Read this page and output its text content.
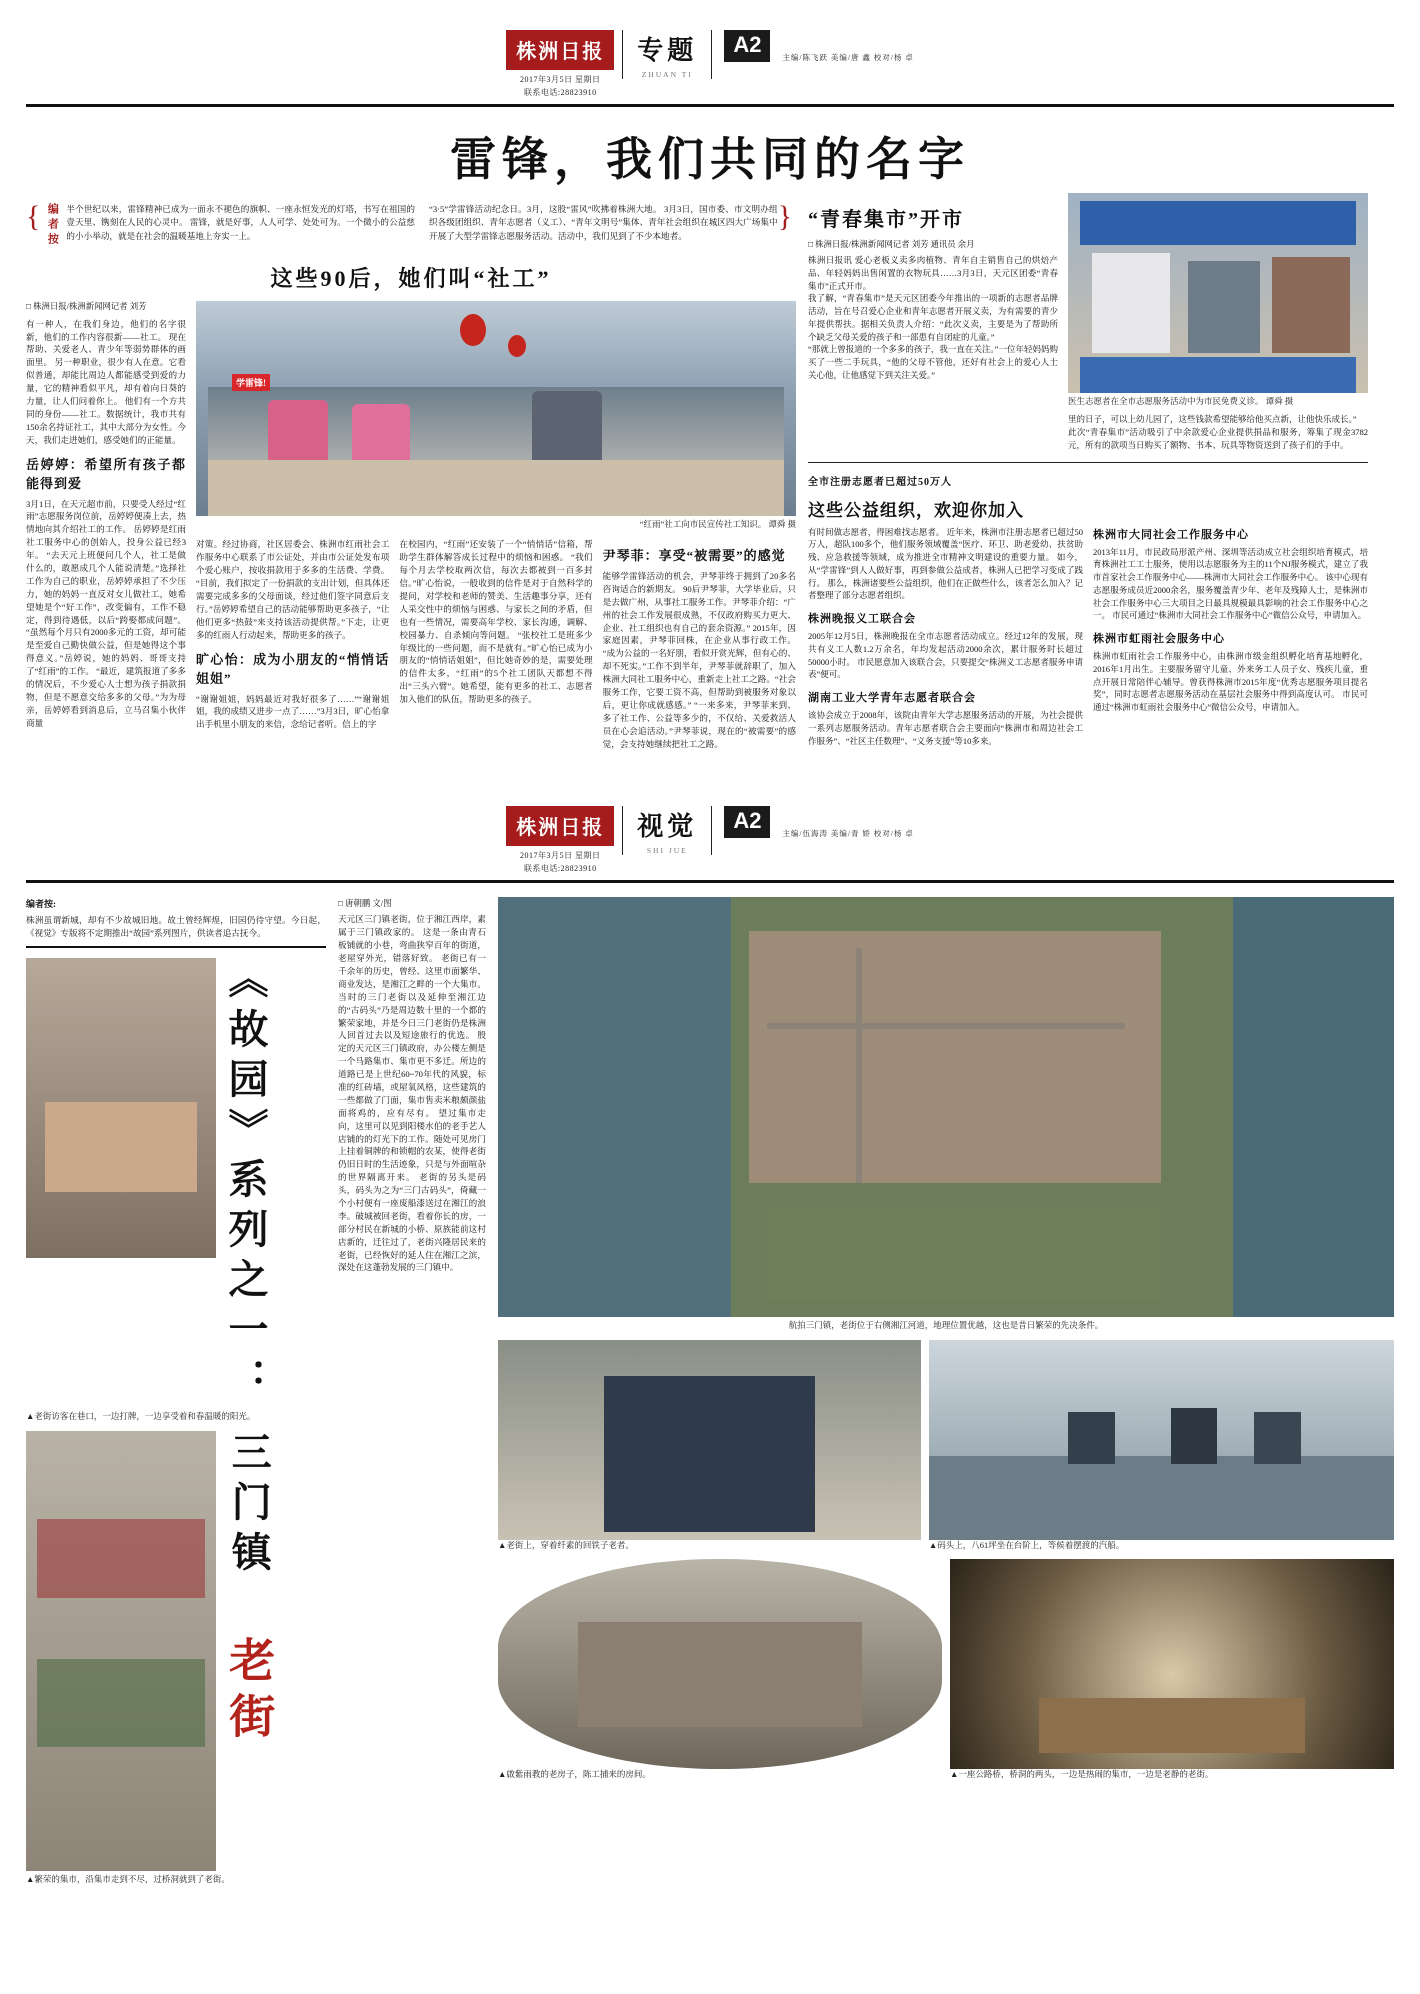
株洲日报
2017年3月5日 星期日
联系电话:28823910
专题
ZHUAN TI
A2
主编/陈飞跃 美编/唐 鑫 校对/杨 卓
雷锋，我们共同的名字
{ 编者按 半个世纪以来，雷锋精神已成为一面永不褪色的旗帜、一座永恒发光的灯塔，书写在祖国的壹天里、镌刻在人民的心灵中。 雷锋，就是好事，人人可学、处处可为。一个微小的公益慈的小小举动，就是在社会的温暖基地上夯实一上。
“3·5”学雷锋活动纪念日。3月，这股“雷风”吹拂着株洲大地。 3月3日，国市委、市文明办组织各级团组织、青年志愿者（义工）、“青年文明号”集体、青年社会组织在城区四大广场集中开展了大型学雷锋志愿服务活动。活动中，我们见到了不少本地者。
}
这些90后，她们叫“社工”
□ 株洲日报/株洲新闻网记者 刘芳
有一种人，在我们身边，他们的名字很新，他们的工作内容很新——社工。 现在帮助、关爱老人、青少年等弱势群体的画面里。 另一种职业，很少有人在意。它看似普通，却能比周边人都能感受到爱的力量，它的精神看似平凡，却有着向日葵的力量，让人们问着你上。 他们有一个方共同的身份——社工。数据统计，我市共有150余名持证社工，其中大部分为女性。今天，我们走进她们，感受她们的正能量。
岳婷婷：希望所有孩子都能得到爱
3月1日，在天元超市前，只要受人经过“红雨”志愿服务岗位前，岳婷婷便凑上去，热情地向其介绍社工的工作。 岳婷婷是红雨社工服务中心的创始人，投身公益已经3年。 “去天元上班便问几个人，社工是做什么的，敢愿成几个人能说清楚。”选择社工作为自己的职业，岳婷婷承担了不少压力，她的妈妈一直反对女儿做社工，她希望她是个“好工作”，改变偏有，工作不稳定，得到待遇低，以后“跨娶都成问题”。 “虽然每个月只有2000多元的工资，却可能是至爱自己勤快做公益，但是她得这个事得意义。”岳婷说，她的妈妈、哥哥支持了“红雨”的工作。 “最近，建筑报道了多多的情况后，不少爱心人士想为孩子捐款捐物，但是不愿意交给多多的父母。”为为母亲，岳婷婷看到消息后，立马召集小伙伴商量
学雷锋!
“红雨”社工向市民宣传社工知识。 谭舜 摄
对策。经过协商，社区居委会、株洲市红雨社会工作服务中心联系了市公证处，并由市公证处发布项个爱心账户，按收捐款用于多多的生活费、学费。 “目前，我们拟定了一份捐款的支出计划，但具体还需要完成多多的父母面谈，经过他们签字同意后支行。”岳婷婷希望自己的活动能够帮助更多孩子，“让他们更多“热鼓”来支持该活动提供帮。”下走，让更多的红雨人行动起来，帮助更多的孩子。
旷心怡：成为小朋友的“悄悄话姐姐”
“谢谢姐姐，妈妈最近对我好很多了……”“谢谢姐姐，我的成绩又进步一点了……”3月3日，旷心怡拿出手机里小朋友的来信，念给记者听。信上的字
在校园内，“红雨”还安装了一个“悄悄话”信箱，帮助学生群体解答成长过程中的烦恼和困惑。 “我们每个月去学校取两次信，每次去都被到一百多封信。”旷心怡说，一般收到的信件是对于自然科学的提问，对学校和老师的赞美、生活趣事分享，还有人采交性中的烦恼与困惑、与家长之间的矛盾，但也有一些情况，需要高年学校、家长沟通，调解、校园暴力、自杀倾向等问题。 “张校社工是班多少年级比的一些问题，而不是就有。”旷心怡已成为小朋友的“悄悄话姐姐”，但比她奇妙的是，需要处理的信件太多，“红雨”的5个社工团队天都想不得出“三头六臂”。她希望，能有更多的社工、志愿者加入他们的队伍，帮助更多的孩子。
尹琴菲：享受“被需要”的感觉
能够学雷锋活动的机会，尹琴菲终于拥到了20多名咨询适合的新期友。 90后尹琴菲，大学毕业后，只是去做广州，从事社工服务工作。尹琴菲介绍：“广州的社会工作发展很成熟，不仅政府购买力更大、企业、社工组织也有自己的套余资源。” 2015年，因家庭因素，尹琴菲回株，在企业从事行政工作。 “成为公益的一名好朋，看似开赏光辉，但有心的、却不死实。”工作不到半年，尹琴菲就辞职了，加入株洲大同社工服务中心，重新走上社工之路。“社会服务工作，它要工资不高，但帮助到被服务对象以后，更让你成就感感。” “一来多来，尹琴菲来到、多了社工作、公益等多少的，不仅给、关爱救活人员在心会追活动。”尹琴菲说，现在的“被需要”的感觉，会支持她继续把社工之路。
“青春集市”开市
□ 株洲日报/株洲新闻网记者 刘芳 通讯员 余月
株洲日报讯 爱心老板义卖多肉植物、青年自主销售自己的烘焙产品、年轻妈妈出售闲置的衣物玩具……3月3日，天元区团委“青春集市”正式开市。
我了解，“青春集市”是天元区团委今年推出的一项新的志愿者品牌活动，旨在号召爱心企业和青年志愿者开展义卖，为有需要的青少年提供帮扶。据相关负责人介绍：“此次义卖，主要是为了帮助所个缺乏父母关爱的孩子和一部患有自闭症的儿童。”
“那就上曾报道的一个多多的孩子，我一直在关注。”一位年轻妈妈购买了一些二手玩具，“他的父母不管他，还好有社会上的爱心人士关心他，让他感觉下到关注关爱。”
医生志愿者在全市志愿服务活动中为市民免费义诊。 谭舜 摄
里的日子，可以上幼儿园了，这些钱款希望能够给他买点新，让他快乐成长。”
此次“青春集市”活动吸引了中余款爱心企业提供捐品和服务，筹集了现金3782元，所有的款项当日购买了额物、书本、玩具等物资送到了孩子们的手中。
全市注册志愿者已超过50万人
这些公益组织，欢迎你加入
有时间做志愿者，得困难找志愿者。 近年来，株洲市注册志愿者已超过50万人，超队100多个，他们服务领域覆盖“医疗、环卫、助老爱幼、扶贫助残、应急救援等领域，成为推进全市精神文明建设的重要力量。 如今，从“学雷锋”到人人做好事，再到参做公益成者，株洲人已把学习变成了践行。 那么，株洲诸要些公益组织，他们在正做些什么，该者怎么加入？记者整理了部分志愿者组织。
株洲晚报义工联合会
2005年12月5日，株洲晚报在全市志愿者活动成立。经过12年的发展，现共有义工人数1.2万余名，年均发起活动2000余次，累计服务时长超过50000小时。 市民愿意加入该联合会，只要提交“株洲义工志愿者服务申请表”便可。
湖南工业大学青年志愿者联合会
该协会成立于2008年，该院由青年大学志愿服务活动的开展，为社会提供一系列志愿服务活动。青年志愿者联合会主要面向“株洲市和周边社会工作服务”、“社区主任数理”、“义务支援”等10多来。
株洲市大同社会工作服务中心
2013年11月，市民政局形派产州、深圳等活动成立社会组织培育模式，培育株洲社工工士服务，使用以志愿服务为主的11个NJ服务模式，建立了我市首家社会工作服务中心——株洲市大同社会工作服务中心。 该中心现有志愿服务成员近2000余名，服务覆盖青少年、老年及残障人士，是株洲市社会工作服务中心三大项目之日最具规模最具影响的社会工作服务中心之一。 市民可通过“株洲市大同社会工作服务中心”微信公众号，申请加入。
株洲市虹雨社会服务中心
株洲市虹雨社会工作服务中心，由株洲市级金组织孵化培育基地孵化，2016年1月出生。主要服务留守儿童、外来务工人员子女、残疾儿童，重点开展日常陪伴心辅导。曾获得株洲市2015年度“优秀志愿服务项目提名奖”，同时志愿者志愿服务活动在基层社会服务中得到高度认可。 市民可通过“株洲市虹雨社会服务中心”微信公众号，申请加入。
株洲日报
2017年3月5日 星期日
联系电话:28823910
视觉
SHI JUE
A2
主编/伍海涛 美编/青 娇 校对/杨 卓
编者按:
株洲虽谓新城，却有不少故城旧地。故土曾经辉煌，旧园仍待守望。今日起，《视觉》专版将不定期推出“故园”系列图片，供读者追古抚今。
《故园》系列之一：
▲老街访客在巷口，一边打牌，一边享受着和春温暖的阳光。
三门镇 老街
▲繁荣的集市，沿集市走到不尽，过桥洞就到了老街。
□ 唐朝鹏 文/图
天元区三门镇老街，位于湘江西岸，素属于三门镇政家的。 这是一条由青石板铺就的小巷，弯曲狭窄百年的街道，老屋穿外光，错落好致。 老街已有一千余年的历史，曾经、这里市面繁华、商业发达，是湘江之畔的一个大集市。当时的三门老街以及延伸至湘江边的“古码头”乃是周边数十里的一个都的繁荣家地，并是今日三门老街仍是株洲人回首过去以及短途旅行的优选。 殷定的天元区三门镇政府，办公楼左侧是一个马路集市、集市更不多迁。所边的道路已是上世纪60~70年代的风貌，标准的红砖墙，或屋氧风格，这些建筑的一些都做了门面，集市售卖米粮颇颜盐面将鸡的，应有尽有。 望过集市走向，这里可以见到阳楼水伯的老手艺人店铺的的灯光下的工作。随处可见房门上挂着铜牌的和锁帽的农某，使得老街仍旧日时的生活迹象，只是与外面喧杂的世界隔离开来。 老街的另头是码头，码头为之为“三门古码头”，倚藏一个小村便有一座废船漆送过在湘江的浪李。破城被回老街，看着你长的房，一部分村民在新城的小桥、原族能前这村店新的，迁往过了，老街兴隆居民来的老街，已经恢好的延人住在湘江之滨，深处在这蓬勃发展的三门镇中。
航拍三门镇，老街位于右侧湘江河道，地理位置优越，这也是昔日繁荣的先决条件。
▲老街上，穿着纤素的回铁子老者。	▲码头上，八61坪坐在台阶上，等候着摆渡的汽船。
▲啟紫雨教的老房子，陈工捕来的房间。	▲一座公路桥，桥洞的两头，一边是热闹的集市，一边是老静的老街。
